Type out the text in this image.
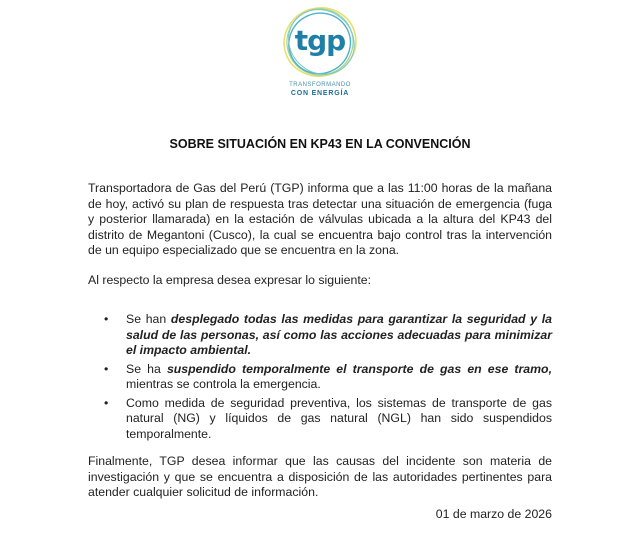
tgp
TRANSFORMANDO
CON ENERGÍA
SOBRE SITUACIÓN EN KP43 EN LA CONVENCIÓN
Transportadora de Gas del Perú (TGP) informa que a las 11:00 horas de la mañana de hoy, activó su plan de respuesta tras detectar una situación de emergencia (fuga y posterior llamarada) en la estación de válvulas ubicada a la altura del KP43 del distrito de Megantoni (Cusco), la cual se encuentra bajo control tras la intervención de un equipo especializado que se encuentra en la zona.
Al respecto la empresa desea expresar lo siguiente:
• Se han desplegado todas las medidas para garantizar la seguridad y la salud de las personas, así como las acciones adecuadas para minimizar el impacto ambiental.
• Se ha suspendido temporalmente el transporte de gas en ese tramo, mientras se controla la emergencia.
• Como medida de seguridad preventiva, los sistemas de transporte de gas natural (NG) y líquidos de gas natural (NGL) han sido suspendidos temporalmente.
Finalmente, TGP desea informar que las causas del incidente son materia de investigación y que se encuentra a disposición de las autoridades pertinentes para atender cualquier solicitud de información.
01 de marzo de 2026
